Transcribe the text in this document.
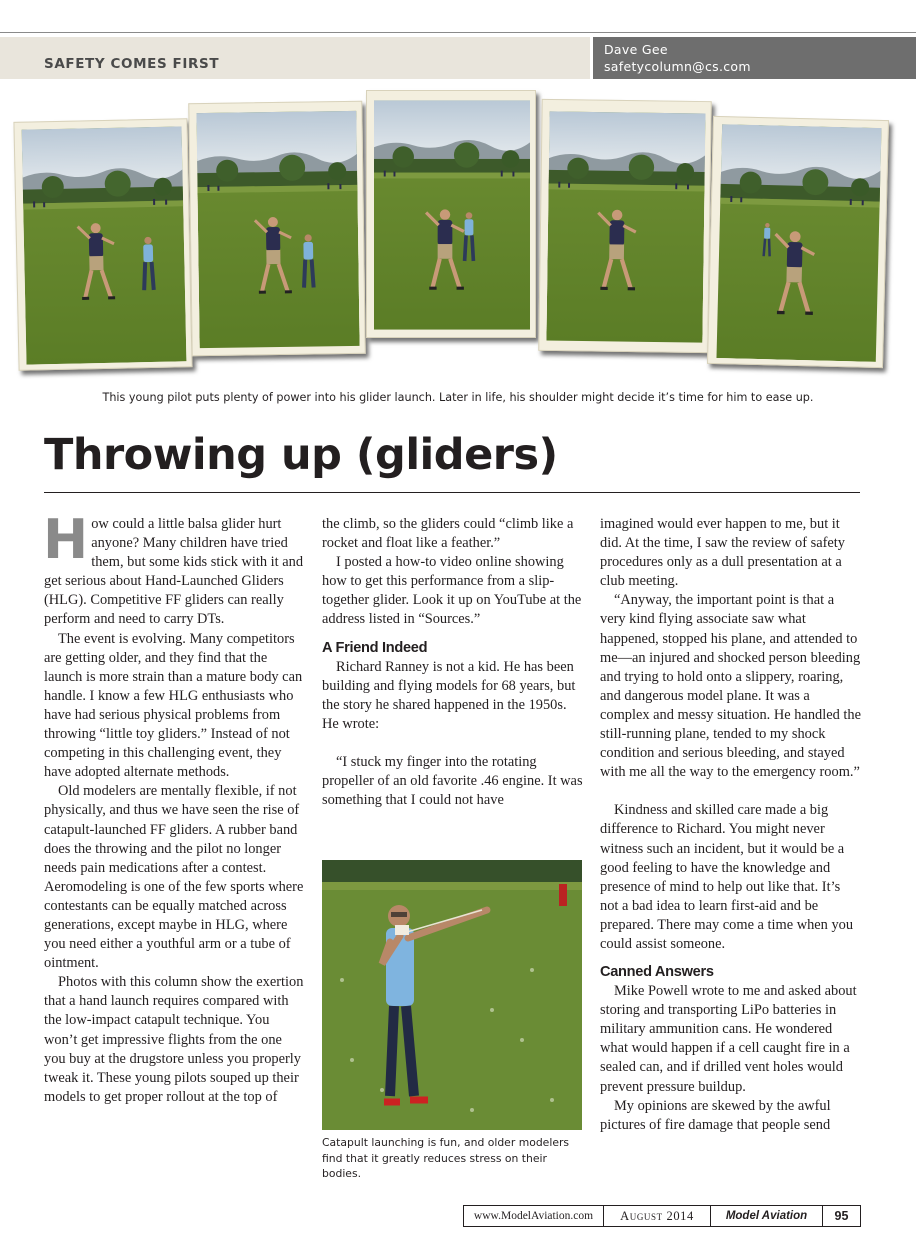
SAFETY COMES FIRST
Dave Gee
safetycolumn@cs.com
This young pilot puts plenty of power into his glider launch. Later in life, his shoulder might decide it’s time for him to ease up.
Throwing up (gliders)

How could a little balsa glider hurt anyone? Many children have tried them, but some kids stick with it and get serious about Hand-Launched Gliders (HLG). Competitive FF gliders can really perform and need to carry DTs.

The event is evolving. Many competitors are getting older, and they find that the launch is more strain than a mature body can handle. I know a few HLG enthusiasts who have had serious physical problems from throwing “little toy gliders.” Instead of not competing in this challenging event, they have adopted alternate methods.

Old modelers are mentally flexible, if not physically, and thus we have seen the rise of catapult-launched FF gliders. A rubber band does the throwing and the pilot no longer needs pain medications after a contest. Aeromodeling is one of the few sports where contestants can be equally matched across generations, except maybe in HLG, where you need either a youthful arm or a tube of ointment.

Photos with this column show the exertion that a hand launch requires compared with the low-impact catapult technique. You won’t get impressive flights from the one you buy at the drugstore unless you properly tweak it. These young pilots souped up their models to get proper rollout at the top of

the climb, so the gliders could “climb like a rocket and float like a feather.”

I posted a how-to video online showing how to get this performance from a slip-together glider. Look it up on YouTube at the address listed in “Sources.”

A Friend Indeed

Richard Ranney is not a kid. He has been building and flying models for 68 years, but the story he shared happened in the 1950s. He wrote:

“I stuck my finger into the rotating propeller of an old favorite .46 engine. It was something that I could not have

Catapult launching is fun, and older modelers find that it greatly reduces stress on their bodies.

imagined would ever happen to me, but it did. At the time, I saw the review of safety procedures only as a dull presentation at a club meeting.

“Anyway, the important point is that a very kind flying associate saw what happened, stopped his plane, and attended to me—an injured and shocked person bleeding and trying to hold onto a slippery, roaring, and dangerous model plane. It was a complex and messy situation. He handled the still-running plane, tended to my shock condition and serious bleeding, and stayed with me all the way to the emergency room.”

Kindness and skilled care made a big difference to Richard. You might never witness such an incident, but it would be a good feeling to have the knowledge and presence of mind to help out like that. It’s not a bad idea to learn first-aid and be prepared. There may come a time when you could assist someone.

Canned Answers

Mike Powell wrote to me and asked about storing and transporting LiPo batteries in military ammunition cans. He wondered what would happen if a cell caught fire in a sealed can, and if drilled vent holes would prevent pressure buildup.

My opinions are skewed by the awful pictures of fire damage that people send

www.ModelAviation.com	August 2014	Model Aviation	95
